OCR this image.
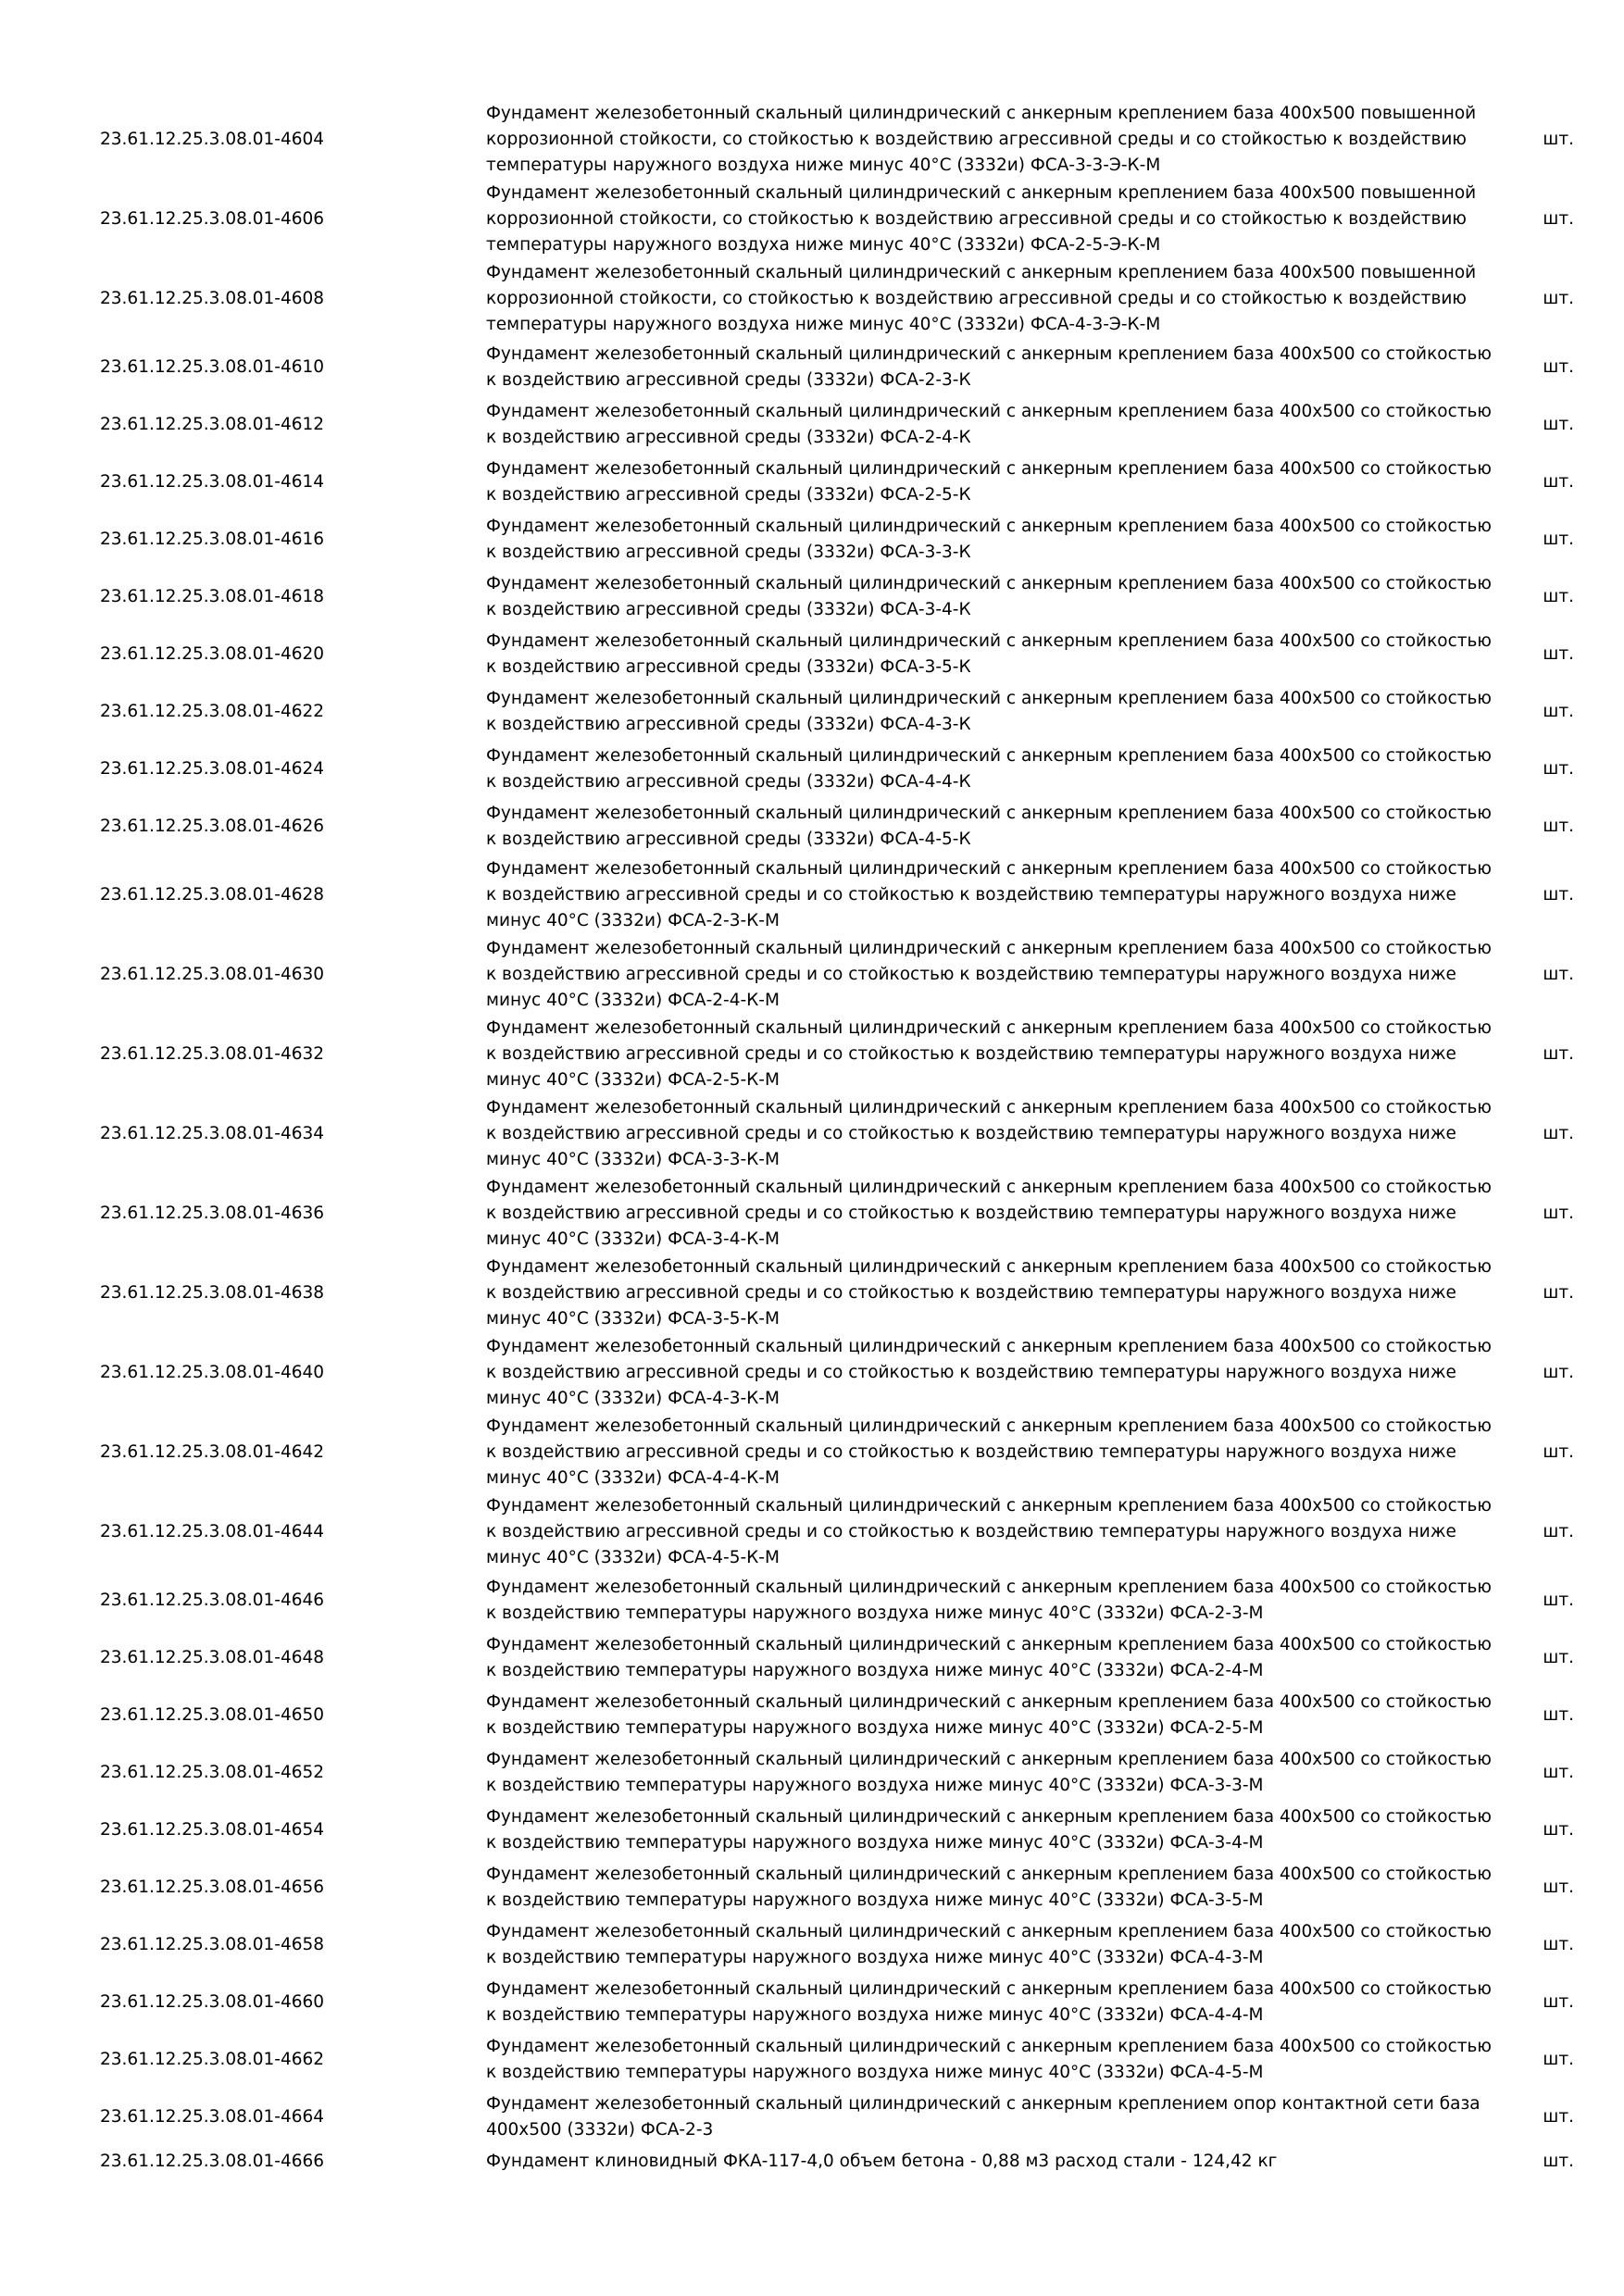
23.61.12.25.3.08.01-4604	Фундамент железобетонный скальный цилиндрический с анкерным креплением база 400х500 повышенной коррозионной стойкости, со стойкостью к воздействию агрессивной среды и со стойкостью к воздействию температуры наружного воздуха ниже минус 40°С (3332и) ФСА-3-3-Э-К-М	шт.
23.61.12.25.3.08.01-4606	Фундамент железобетонный скальный цилиндрический с анкерным креплением база 400х500 повышенной коррозионной стойкости, со стойкостью к воздействию агрессивной среды и со стойкостью к воздействию температуры наружного воздуха ниже минус 40°С (3332и) ФСА-2-5-Э-К-М	шт.
23.61.12.25.3.08.01-4608	Фундамент железобетонный скальный цилиндрический с анкерным креплением база 400х500 повышенной коррозионной стойкости, со стойкостью к воздействию агрессивной среды и со стойкостью к воздействию температуры наружного воздуха ниже минус 40°С (3332и) ФСА-4-3-Э-К-М	шт.
23.61.12.25.3.08.01-4610	Фундамент железобетонный скальный цилиндрический с анкерным креплением база 400х500 со стойкостью к воздействию агрессивной среды (3332и) ФСА-2-3-К	шт.
23.61.12.25.3.08.01-4612	Фундамент железобетонный скальный цилиндрический с анкерным креплением база 400х500 со стойкостью к воздействию агрессивной среды (3332и) ФСА-2-4-К	шт.
23.61.12.25.3.08.01-4614	Фундамент железобетонный скальный цилиндрический с анкерным креплением база 400х500 со стойкостью к воздействию агрессивной среды (3332и) ФСА-2-5-К	шт.
23.61.12.25.3.08.01-4616	Фундамент железобетонный скальный цилиндрический с анкерным креплением база 400х500 со стойкостью к воздействию агрессивной среды (3332и) ФСА-3-3-К	шт.
23.61.12.25.3.08.01-4618	Фундамент железобетонный скальный цилиндрический с анкерным креплением база 400х500 со стойкостью к воздействию агрессивной среды (3332и) ФСА-3-4-К	шт.
23.61.12.25.3.08.01-4620	Фундамент железобетонный скальный цилиндрический с анкерным креплением база 400х500 со стойкостью к воздействию агрессивной среды (3332и) ФСА-3-5-К	шт.
23.61.12.25.3.08.01-4622	Фундамент железобетонный скальный цилиндрический с анкерным креплением база 400х500 со стойкостью к воздействию агрессивной среды (3332и) ФСА-4-3-К	шт.
23.61.12.25.3.08.01-4624	Фундамент железобетонный скальный цилиндрический с анкерным креплением база 400х500 со стойкостью к воздействию агрессивной среды (3332и) ФСА-4-4-К	шт.
23.61.12.25.3.08.01-4626	Фундамент железобетонный скальный цилиндрический с анкерным креплением база 400х500 со стойкостью к воздействию агрессивной среды (3332и) ФСА-4-5-К	шт.
23.61.12.25.3.08.01-4628	Фундамент железобетонный скальный цилиндрический с анкерным креплением база 400х500 со стойкостью к воздействию агрессивной среды и со стойкостью к воздействию температуры наружного воздуха ниже минус 40°С (3332и) ФСА-2-3-К-М	шт.
23.61.12.25.3.08.01-4630	Фундамент железобетонный скальный цилиндрический с анкерным креплением база 400х500 со стойкостью к воздействию агрессивной среды и со стойкостью к воздействию температуры наружного воздуха ниже минус 40°С (3332и) ФСА-2-4-К-М	шт.
23.61.12.25.3.08.01-4632	Фундамент железобетонный скальный цилиндрический с анкерным креплением база 400х500 со стойкостью к воздействию агрессивной среды и со стойкостью к воздействию температуры наружного воздуха ниже минус 40°С (3332и) ФСА-2-5-К-М	шт.
23.61.12.25.3.08.01-4634	Фундамент железобетонный скальный цилиндрический с анкерным креплением база 400х500 со стойкостью к воздействию агрессивной среды и со стойкостью к воздействию температуры наружного воздуха ниже минус 40°С (3332и) ФСА-3-3-К-М	шт.
23.61.12.25.3.08.01-4636	Фундамент железобетонный скальный цилиндрический с анкерным креплением база 400х500 со стойкостью к воздействию агрессивной среды и со стойкостью к воздействию температуры наружного воздуха ниже минус 40°С (3332и) ФСА-3-4-К-М	шт.
23.61.12.25.3.08.01-4638	Фундамент железобетонный скальный цилиндрический с анкерным креплением база 400х500 со стойкостью к воздействию агрессивной среды и со стойкостью к воздействию температуры наружного воздуха ниже минус 40°С (3332и) ФСА-3-5-К-М	шт.
23.61.12.25.3.08.01-4640	Фундамент железобетонный скальный цилиндрический с анкерным креплением база 400х500 со стойкостью к воздействию агрессивной среды и со стойкостью к воздействию температуры наружного воздуха ниже минус 40°С (3332и) ФСА-4-3-К-М	шт.
23.61.12.25.3.08.01-4642	Фундамент железобетонный скальный цилиндрический с анкерным креплением база 400х500 со стойкостью к воздействию агрессивной среды и со стойкостью к воздействию температуры наружного воздуха ниже минус 40°С (3332и) ФСА-4-4-К-М	шт.
23.61.12.25.3.08.01-4644	Фундамент железобетонный скальный цилиндрический с анкерным креплением база 400х500 со стойкостью к воздействию агрессивной среды и со стойкостью к воздействию температуры наружного воздуха ниже минус 40°С (3332и) ФСА-4-5-К-М	шт.
23.61.12.25.3.08.01-4646	Фундамент железобетонный скальный цилиндрический с анкерным креплением база 400х500 со стойкостью к воздействию температуры наружного воздуха ниже минус 40°С (3332и) ФСА-2-3-М	шт.
23.61.12.25.3.08.01-4648	Фундамент железобетонный скальный цилиндрический с анкерным креплением база 400х500 со стойкостью к воздействию температуры наружного воздуха ниже минус 40°С (3332и) ФСА-2-4-М	шт.
23.61.12.25.3.08.01-4650	Фундамент железобетонный скальный цилиндрический с анкерным креплением база 400х500 со стойкостью к воздействию температуры наружного воздуха ниже минус 40°С (3332и) ФСА-2-5-М	шт.
23.61.12.25.3.08.01-4652	Фундамент железобетонный скальный цилиндрический с анкерным креплением база 400х500 со стойкостью к воздействию температуры наружного воздуха ниже минус 40°С (3332и) ФСА-3-3-М	шт.
23.61.12.25.3.08.01-4654	Фундамент железобетонный скальный цилиндрический с анкерным креплением база 400х500 со стойкостью к воздействию температуры наружного воздуха ниже минус 40°С (3332и) ФСА-3-4-М	шт.
23.61.12.25.3.08.01-4656	Фундамент железобетонный скальный цилиндрический с анкерным креплением база 400х500 со стойкостью к воздействию температуры наружного воздуха ниже минус 40°С (3332и) ФСА-3-5-М	шт.
23.61.12.25.3.08.01-4658	Фундамент железобетонный скальный цилиндрический с анкерным креплением база 400х500 со стойкостью к воздействию температуры наружного воздуха ниже минус 40°С (3332и) ФСА-4-3-М	шт.
23.61.12.25.3.08.01-4660	Фундамент железобетонный скальный цилиндрический с анкерным креплением база 400х500 со стойкостью к воздействию температуры наружного воздуха ниже минус 40°С (3332и) ФСА-4-4-М	шт.
23.61.12.25.3.08.01-4662	Фундамент железобетонный скальный цилиндрический с анкерным креплением база 400х500 со стойкостью к воздействию температуры наружного воздуха ниже минус 40°С (3332и) ФСА-4-5-М	шт.
23.61.12.25.3.08.01-4664	Фундамент железобетонный скальный цилиндрический с анкерным креплением опор контактной сети база 400х500 (3332и) ФСА-2-3	шт.
23.61.12.25.3.08.01-4666	Фундамент клиновидный ФКА-117-4,0 объем бетона - 0,88 м3 расход стали - 124,42 кг	шт.
